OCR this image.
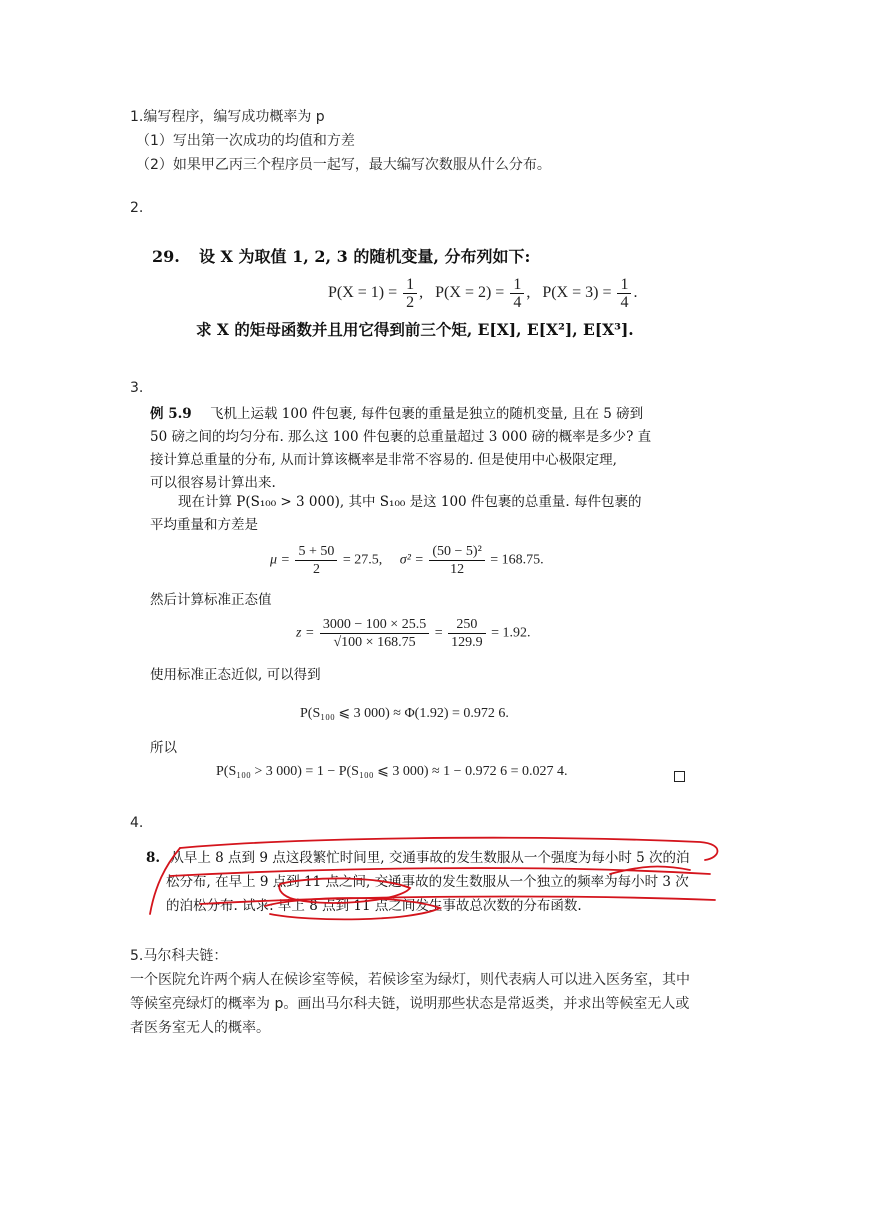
1.编写程序，编写成功概率为 p
（1）写出第一次成功的均值和方差
（2）如果甲乙丙三个程序员一起写，最大编写次数服从什么分布。
2.
29. 设 X 为取值 1, 2, 3 的随机变量, 分布列如下:
$P(X = 1) = \frac{1}{2}$ ,   $P(X = 2) = \frac{1}{4}$ ,   $P(X = 3) = \frac{1}{4}$ .
求 X 的矩母函数并且用它得到前三个矩, E[X], E[X²], E[X³].
3.
例 5.9 飞机上运载 100 件包裹, 每件包裹的重量是独立的随机变量, 且在 5 磅到
50 磅之间的均匀分布. 那么这 100 件包裹的总重量超过 3 000 磅的概率是多少? 直
接计算总重量的分布, 从而计算该概率是非常不容易的. 但是使用中心极限定理,
可以很容易计算出来.
现在计算 P(S₁₀₀ > 3 000), 其中 S₁₀₀ 是这 100 件包裹的总重量. 每件包裹的
平均重量和方差是
$\mu = \frac{5 + 50}{2} = 27.5$, $\sigma^2 = \frac{\text{(50 − 5)²}}{12} = 168.75$.
然后计算标准正态值
$z = \frac{3000 - 100 \times 25.5}{√100 \times 168.75} = \frac{250}{129.9} = 1.92$.
使用标准正态近似, 可以得到
P(S₁₀₀ ⩽ 3 000) ≈ Φ(1.92) = 0.972 6.
所以
P(S₁₀₀ > 3 000) = 1 − P(S₁₀₀ ⩽ 3 000) ≈ 1 − 0.972 6 = 0.027 4.
4.
8. 从早上 8 点到 9 点这段繁忙时间里, 交通事故的发生数服从一个强度为每小时 5 次的泊
松分布, 在早上 9 点到 11 点之间, 交通事故的发生数服从一个独立的频率为每小时 3 次
的泊松分布. 试求: 早上 8 点到 11 点之间发生事故总次数的分布函数.
5.马尔科夫链：
一个医院允许两个病人在候诊室等候，若候诊室为绿灯，则代表病人可以进入医务室，其中
等候室亮绿灯的概率为 p。画出马尔科夫链，说明那些状态是常返类，并求出等候室无人或
者医务室无人的概率。
